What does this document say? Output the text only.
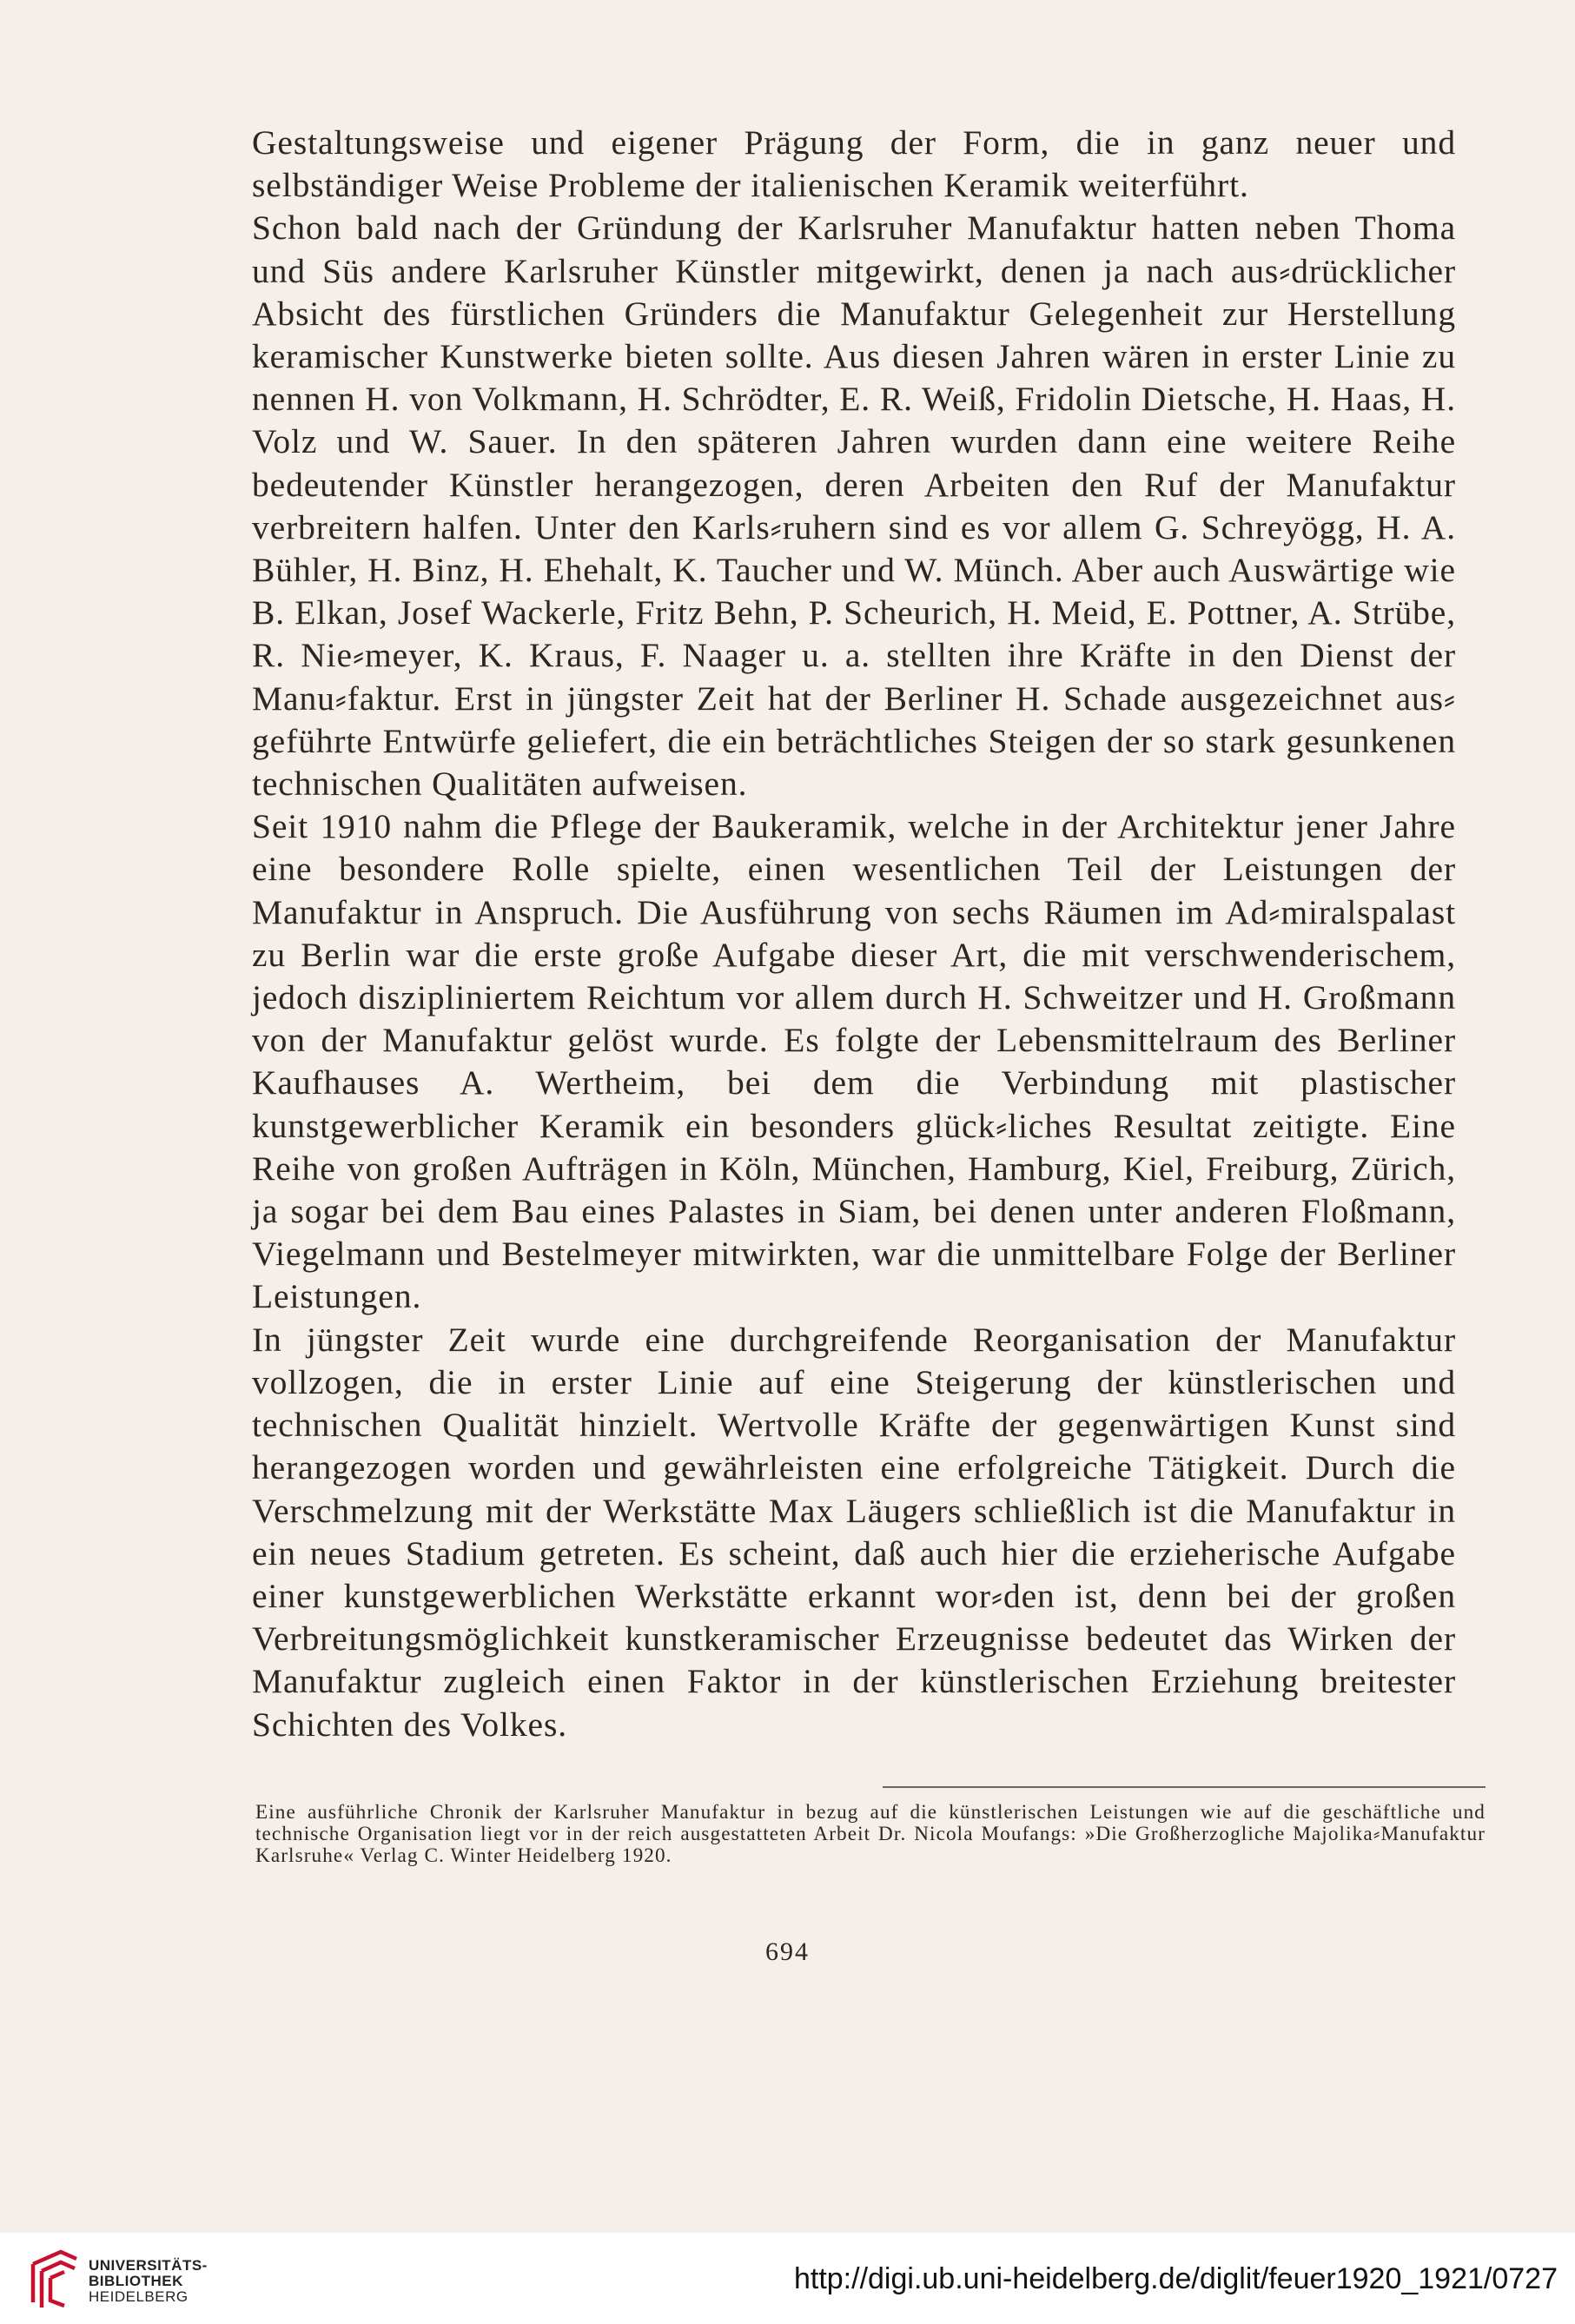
Gestaltungsweise und eigener Prägung der Form, die in ganz neuer und selbständiger Weise Probleme der italienischen Keramik weiterführt.

Schon bald nach der Gründung der Karlsruher Manufaktur hatten neben Thoma und Süs andere Karlsruher Künstler mitgewirkt, denen ja nach aus⸗drücklicher Absicht des fürstlichen Gründers die Manufaktur Gelegenheit zur Herstellung keramischer Kunstwerke bieten sollte. Aus diesen Jahren wären in erster Linie zu nennen H. von Volkmann, H. Schrödter, E. R. Weiß, Fridolin Dietsche, H. Haas, H. Volz und W. Sauer. In den späteren Jahren wurden dann eine weitere Reihe bedeutender Künstler herangezogen, deren Arbeiten den Ruf der Manufaktur verbreitern halfen. Unter den Karls⸗ruhern sind es vor allem G. Schreyögg, H. A. Bühler, H. Binz, H. Ehehalt, K. Taucher und W. Münch. Aber auch Auswärtige wie B. Elkan, Josef Wackerle, Fritz Behn, P. Scheurich, H. Meid, E. Pottner, A. Strübe, R. Nie⸗meyer, K. Kraus, F. Naager u. a. stellten ihre Kräfte in den Dienst der Manu⸗faktur. Erst in jüngster Zeit hat der Berliner H. Schade ausgezeichnet aus⸗geführte Entwürfe geliefert, die ein beträchtliches Steigen der so stark gesunkenen technischen Qualitäten aufweisen.

Seit 1910 nahm die Pflege der Baukeramik, welche in der Architektur jener Jahre eine besondere Rolle spielte, einen wesentlichen Teil der Leistungen der Manufaktur in Anspruch. Die Ausführung von sechs Räumen im Ad⸗miralspalast zu Berlin war die erste große Aufgabe dieser Art, die mit verschwenderischem, jedoch diszipliniertem Reichtum vor allem durch H. Schweitzer und H. Großmann von der Manufaktur gelöst wurde. Es folgte der Lebensmittelraum des Berliner Kaufhauses A. Wertheim, bei dem die Verbindung mit plastischer kunstgewerblicher Keramik ein besonders glück⸗liches Resultat zeitigte. Eine Reihe von großen Aufträgen in Köln, München, Hamburg, Kiel, Freiburg, Zürich, ja sogar bei dem Bau eines Palastes in Siam, bei denen unter anderen Floßmann, Viegelmann und Bestelmeyer mitwirkten, war die unmittelbare Folge der Berliner Leistungen.

In jüngster Zeit wurde eine durchgreifende Reorganisation der Manufaktur vollzogen, die in erster Linie auf eine Steigerung der künstlerischen und technischen Qualität hinzielt. Wertvolle Kräfte der gegenwärtigen Kunst sind herangezogen worden und gewährleisten eine erfolgreiche Tätigkeit. Durch die Verschmelzung mit der Werkstätte Max Läugers schließlich ist die Manufaktur in ein neues Stadium getreten. Es scheint, daß auch hier die erzieherische Aufgabe einer kunstgewerblichen Werkstätte erkannt wor⸗den ist, denn bei der großen Verbreitungsmöglichkeit kunstkeramischer Erzeugnisse bedeutet das Wirken der Manufaktur zugleich einen Faktor in der künstlerischen Erziehung breitester Schichten des Volkes.

Eine ausführliche Chronik der Karlsruher Manufaktur in bezug auf die künstlerischen Leistungen wie auf die geschäftliche und technische Organisation liegt vor in der reich ausgestatteten Arbeit Dr. Nicola Moufangs: »Die Großherzogliche Majolika⸗Manufaktur Karlsruhe« Verlag C. Winter Heidelberg 1920.

694
UNIVERSITÄTS-
BIBLIOTHEK
HEIDELBERG
http://digi.ub.uni-heidelberg.de/diglit/feuer1920_1921/0727
